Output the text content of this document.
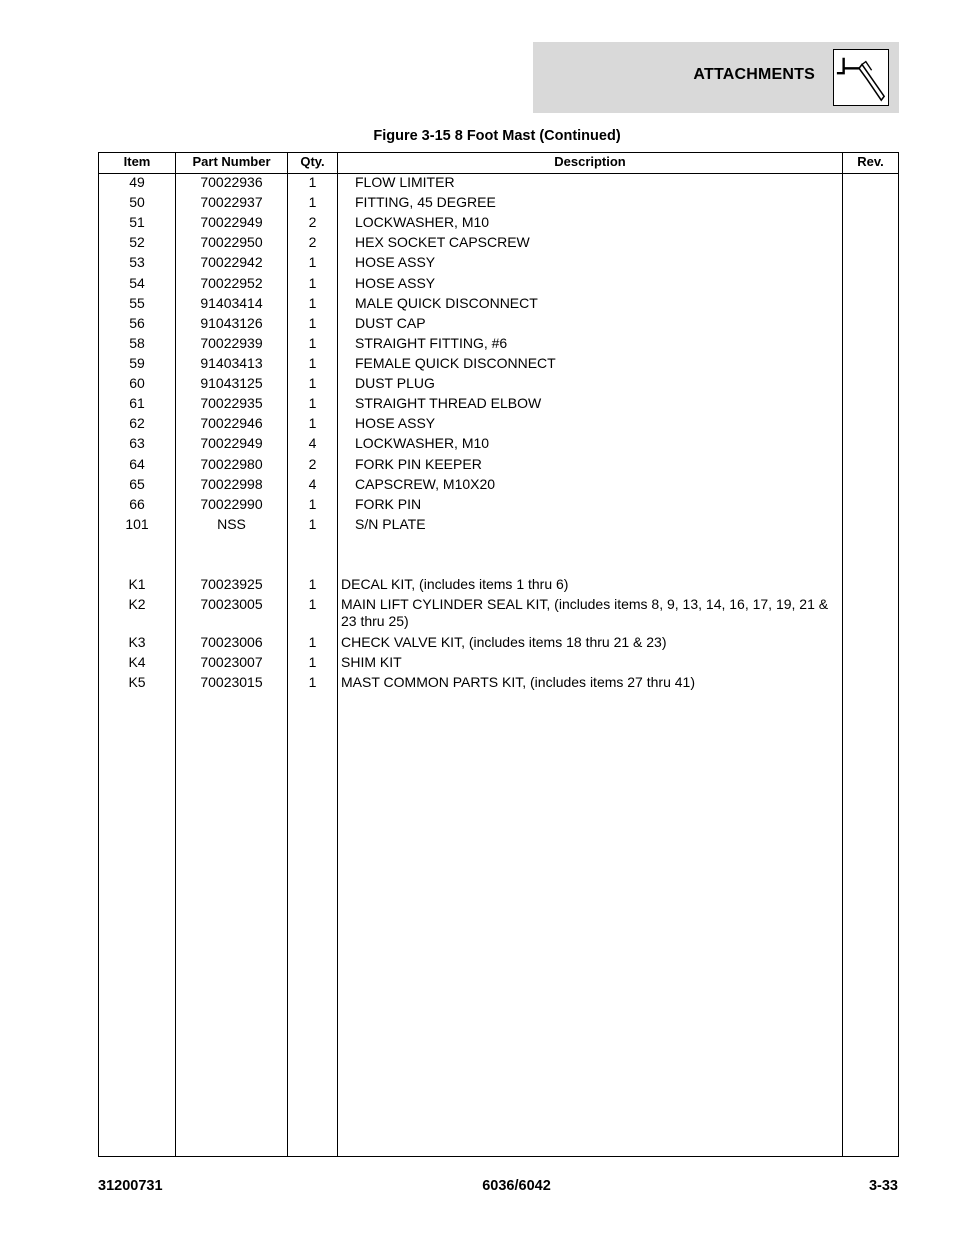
ATTACHMENTS
Figure 3-15 8 Foot Mast (Continued)
Item	Part Number	Qty.	Description	Rev.
49	70022936	1	FLOW LIMITER
50	70022937	1	FITTING, 45 DEGREE
51	70022949	2	LOCKWASHER, M10
52	70022950	2	HEX SOCKET CAPSCREW
53	70022942	1	HOSE ASSY
54	70022952	1	HOSE ASSY
55	91403414	1	MALE QUICK DISCONNECT
56	91043126	1	DUST CAP
58	70022939	1	STRAIGHT FITTING, #6
59	91403413	1	FEMALE QUICK DISCONNECT
60	91043125	1	DUST PLUG
61	70022935	1	STRAIGHT THREAD ELBOW
62	70022946	1	HOSE ASSY
63	70022949	4	LOCKWASHER, M10
64	70022980	2	FORK PIN KEEPER
65	70022998	4	CAPSCREW, M10X20
66	70022990	1	FORK PIN
101	NSS	1	S/N PLATE
K1	70023925	1	DECAL KIT, (includes items 1 thru 6)
K2	70023005	1	MAIN LIFT CYLINDER SEAL KIT, (includes items 8, 9, 13, 14, 16, 17, 19, 21 & 23 thru 25)
K3	70023006	1	CHECK VALVE KIT, (includes items 18 thru 21 & 23)
K4	70023007	1	SHIM KIT
K5	70023015	1	MAST COMMON PARTS KIT, (includes items 27 thru 41)
31200731	6036/6042	3-33
